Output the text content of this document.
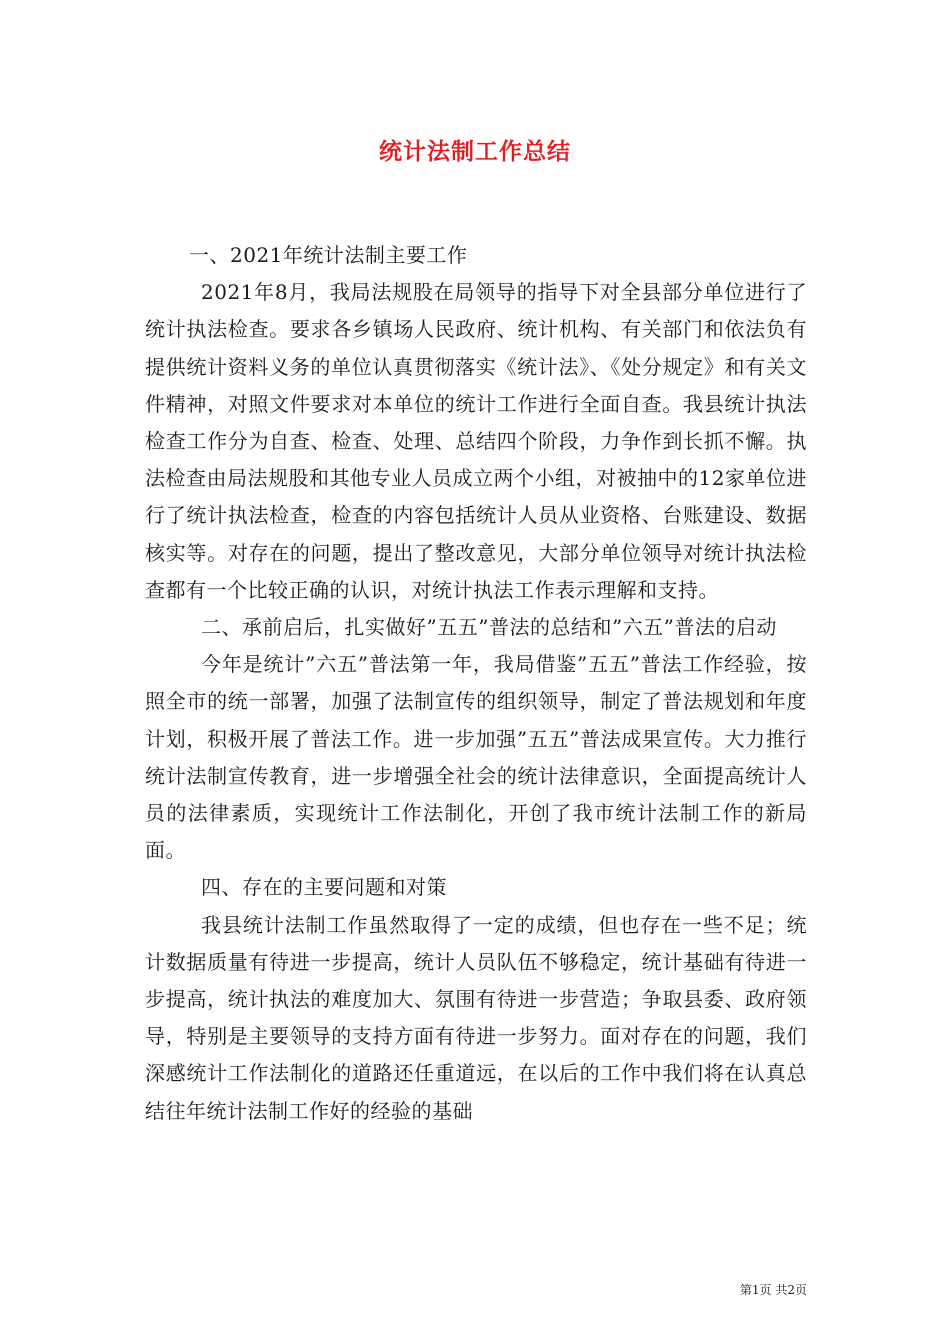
统计法制工作总结

一、2021年统计法制主要工作

2021年8月，我局法规股在局领导的指导下对全县部分单位进行了统计执法检查。要求各乡镇场人民政府、统计机构、有关部门和依法负有提供统计资料义务的单位认真贯彻落实《统计法》、《处分规定》和有关文件精神，对照文件要求对本单位的统计工作进行全面自查。我县统计执法检查工作分为自查、检查、处理、总结四个阶段，力争作到长抓不懈。执法检查由局法规股和其他专业人员成立两个小组，对被抽中的12家单位进行了统计执法检查，检查的内容包括统计人员从业资格、台账建设、数据核实等。对存在的问题，提出了整改意见，大部分单位领导对统计执法检查都有一个比较正确的认识，对统计执法工作表示理解和支持。

二、承前启后，扎实做好”五五”普法的总结和”六五”普法的启动

今年是统计”六五”普法第一年，我局借鉴”五五”普法工作经验，按照全市的统一部署，加强了法制宣传的组织领导，制定了普法规划和年度计划，积极开展了普法工作。进一步加强”五五”普法成果宣传。大力推行统计法制宣传教育，进一步增强全社会的统计法律意识，全面提高统计人员的法律素质，实现统计工作法制化，开创了我市统计法制工作的新局面。

四、存在的主要问题和对策

我县统计法制工作虽然取得了一定的成绩，但也存在一些不足；统计数据质量有待进一步提高，统计人员队伍不够稳定，统计基础有待进一步提高，统计执法的难度加大、氛围有待进一步营造；争取县委、政府领导，特别是主要领导的支持方面有待进一步努力。面对存在的问题，我们深感统计工作法制化的道路还任重道远，在以后的工作中我们将在认真总结往年统计法制工作好的经验的基础

第1页 共2页
